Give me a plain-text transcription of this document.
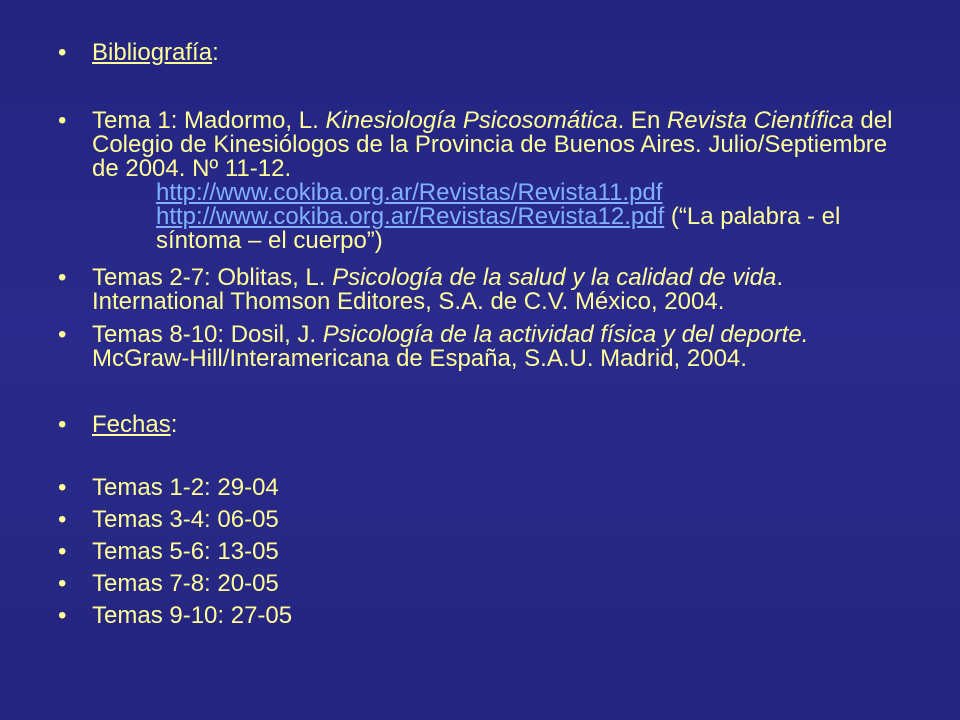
• Bibliografía:
• Tema 1: Madormo, L. Kinesiología Psicosomática. En Revista Científica del Colegio de Kinesiólogos de la Provincia de Buenos Aires. Julio/Septiembre de 2004. Nº 11-12.
http://www.cokiba.org.ar/Revistas/Revista11.pdf
http://www.cokiba.org.ar/Revistas/Revista12.pdf (“La palabra - el síntoma – el cuerpo”)
• Temas 2-7: Oblitas, L. Psicología de la salud y la calidad de vida. International Thomson Editores, S.A. de C.V. México, 2004.
• Temas 8-10: Dosil, J. Psicología de la actividad física y del deporte. McGraw-Hill/Interamericana de España, S.A.U. Madrid, 2004.
• Fechas:
• Temas 1-2: 29-04
• Temas 3-4: 06-05
• Temas 5-6: 13-05
• Temas 7-8: 20-05
• Temas 9-10: 27-05
